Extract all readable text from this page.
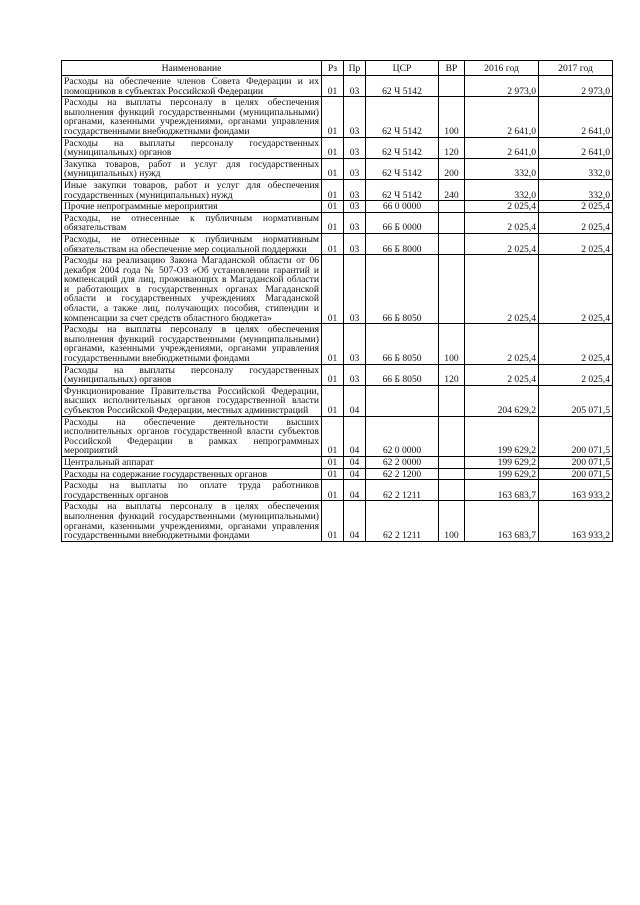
Наименование	Рз	Пр	ЦСР	ВР	2016 год	2017 год
Расходы на обеспечение членов Совета Федерации и их помощников в субъектах Российской Федерации	01	03	62 Ч 5142		2 973,0	2 973,0
Расходы на выплаты персоналу в целях обеспечения выполнения функций государственными (муниципальными) органами, казенными учреждениями, органами управления государственными внебюджетными фондами	01	03	62 Ч 5142	100	2 641,0	2 641,0
Расходы на выплаты персоналу государственных (муниципальных) органов	01	03	62 Ч 5142	120	2 641,0	2 641,0
Закупка товаров, работ и услуг для государственных (муниципальных) нужд	01	03	62 Ч 5142	200	332,0	332,0
Иные закупки товаров, работ и услуг для обеспечения государственных (муниципальных) нужд	01	03	62 Ч 5142	240	332,0	332,0
Прочие непрограммные мероприятия	01	03	66 0 0000		2 025,4	2 025,4
Расходы, не отнесенные к публичным нормативным обязательствам	01	03	66 Б 0000		2 025,4	2 025,4
Расходы, не отнесенные к публичным нормативным обязательствам на обеспечение мер социальной поддержки	01	03	66 Б 8000		2 025,4	2 025,4
Расходы на реализацию Закона Магаданской области от 06 декабря 2004 года № 507-ОЗ «Об установлении гарантий и компенсаций для лиц, проживающих в Магаданской области и работающих в государственных органах Магаданской области и государственных учреждениях Магаданской области, а также лиц, получающих пособия, стипендии и компенсации за счет средств областного бюджета»	01	03	66 Б 8050		2 025,4	2 025,4
Расходы на выплаты персоналу в целях обеспечения выполнения функций государственными (муниципальными) органами, казенными учреждениями, органами управления государственными внебюджетными фондами	01	03	66 Б 8050	100	2 025,4	2 025,4
Расходы на выплаты персоналу государственных (муниципальных) органов	01	03	66 Б 8050	120	2 025,4	2 025,4
Функционирование Правительства Российской Федерации, высших исполнительных органов государственной власти субъектов Российской Федерации, местных администраций	01	04			204 629,2	205 071,5
Расходы на обеспечение деятельности высших исполнительных органов государственной власти субъектов Российской Федерации в рамках непрограммных мероприятий	01	04	62 0 0000		199 629,2	200 071,5
Центральный аппарат	01	04	62 2 0000		199 629,2	200 071,5
Расходы на содержание государственных органов	01	04	62 2 1200		199 629,2	200 071,5
Расходы на выплаты по оплате труда работников государственных органов	01	04	62 2 1211		163 683,7	163 933,2
Расходы на выплаты персоналу в целях обеспечения выполнения функций государственными (муниципальными) органами, казенными учреждениями, органами управления государственными внебюджетными фондами	01	04	62 2 1211	100	163 683,7	163 933,2
